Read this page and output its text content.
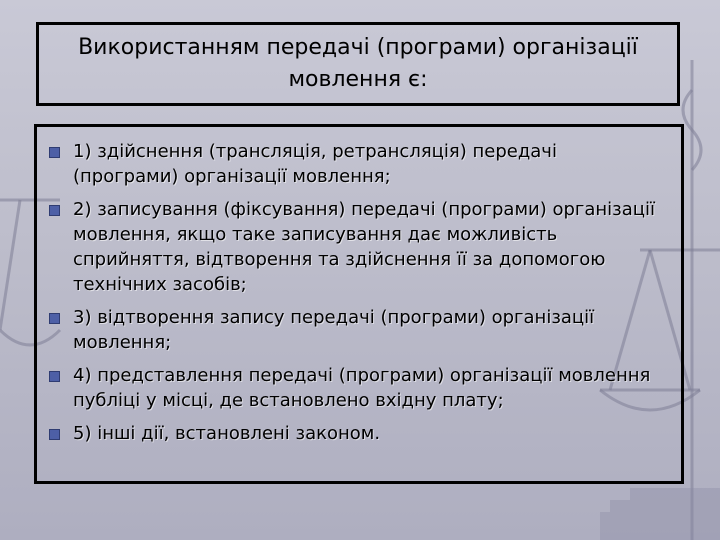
Використанням передачі (програми) організації мовлення є:
1) здійснення (трансляція, ретрансляція) передачі (програми) організації мовлення;
2) записування (фіксування) передачі (програми) організації мовлення, якщо таке записування дає можливість сприйняття, відтворення та здійснення її за допомогою технічних засобів;
3) відтворення запису передачі (програми) організації мовлення;
4) представлення передачі (програми) організації мовлення публіці у місці, де встановлено вхідну плату;
5) інші дії, встановлені законом.
